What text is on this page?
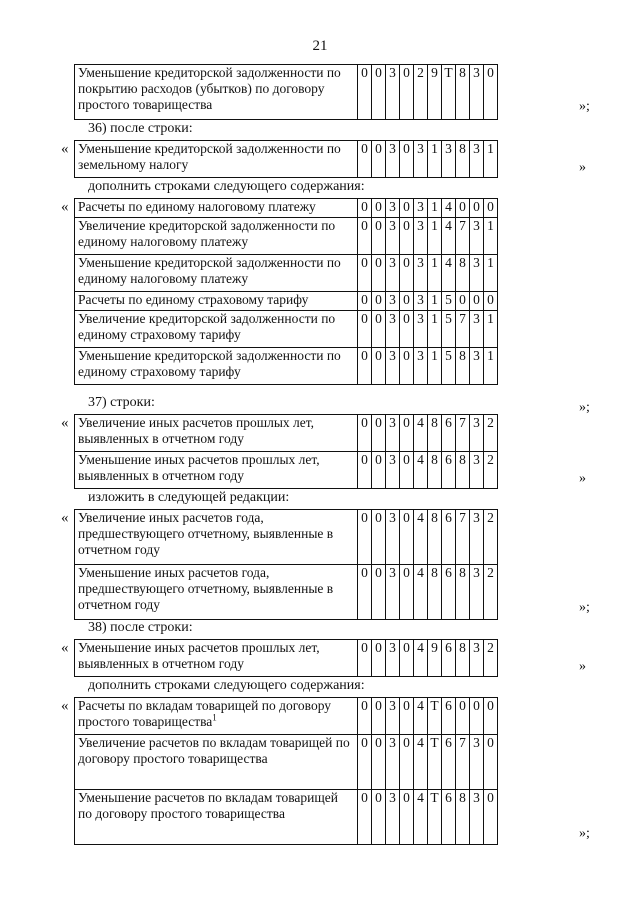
21
Уменьшение кредиторской задолженности по покрытию расходов (убытков) по договору простого товарищества	0	0	3	0	2	9	Т	8	3	0
»;
« Уменьшение кредиторской задолженности по земельному налогу	0	0	3	0	3	1	3	8	3	1
»
« Расчеты по единому налоговому платежу	0	0	3	0	3	1	4	0	0	0
Увеличение кредиторской задолженности по единому налоговому платежу	0	0	3	0	3	1	4	7	3	1
Уменьшение кредиторской задолженности по единому налоговому платежу	0	0	3	0	3	1	4	8	3	1
Расчеты по единому страховому тарифу	0	0	3	0	3	1	5	0	0	0
Увеличение кредиторской задолженности по единому страховому тарифу	0	0	3	0	3	1	5	7	3	1
Уменьшение кредиторской задолженности по единому страховому тарифу	0	0	3	0	3	1	5	8	3	1
»;
« Увеличение иных расчетов прошлых лет, выявленных в отчетном году	0	0	3	0	4	8	6	7	3	2
Уменьшение иных расчетов прошлых лет, выявленных в отчетном году	0	0	3	0	4	8	6	8	3	2
»
« Увеличение иных расчетов года, предшествующего отчетному, выявленные в отчетном году	0	0	3	0	4	8	6	7	3	2
Уменьшение иных расчетов года, предшествующего отчетному, выявленные в отчетном году	0	0	3	0	4	8	6	8	3	2
»;
« Уменьшение иных расчетов прошлых лет, выявленных в отчетном году	0	0	3	0	4	9	6	8	3	2
»
« Расчеты по вкладам товарищей по договору простого товарищества$^1$	0	0	3	0	4	Т	6	0	0	0
Увеличение расчетов по вкладам товарищей по договору простого товарищества	0	0	3	0	4	Т	6	7	3	0
Уменьшение расчетов по вкладам товарищей по договору простого товарищества	0	0	3	0	4	Т	6	8	3	0
»;
36) после строки:
дополнить строками следующего содержания:
37) строки:
изложить в следующей редакции:
38) после строки:
дополнить строками следующего содержания:
